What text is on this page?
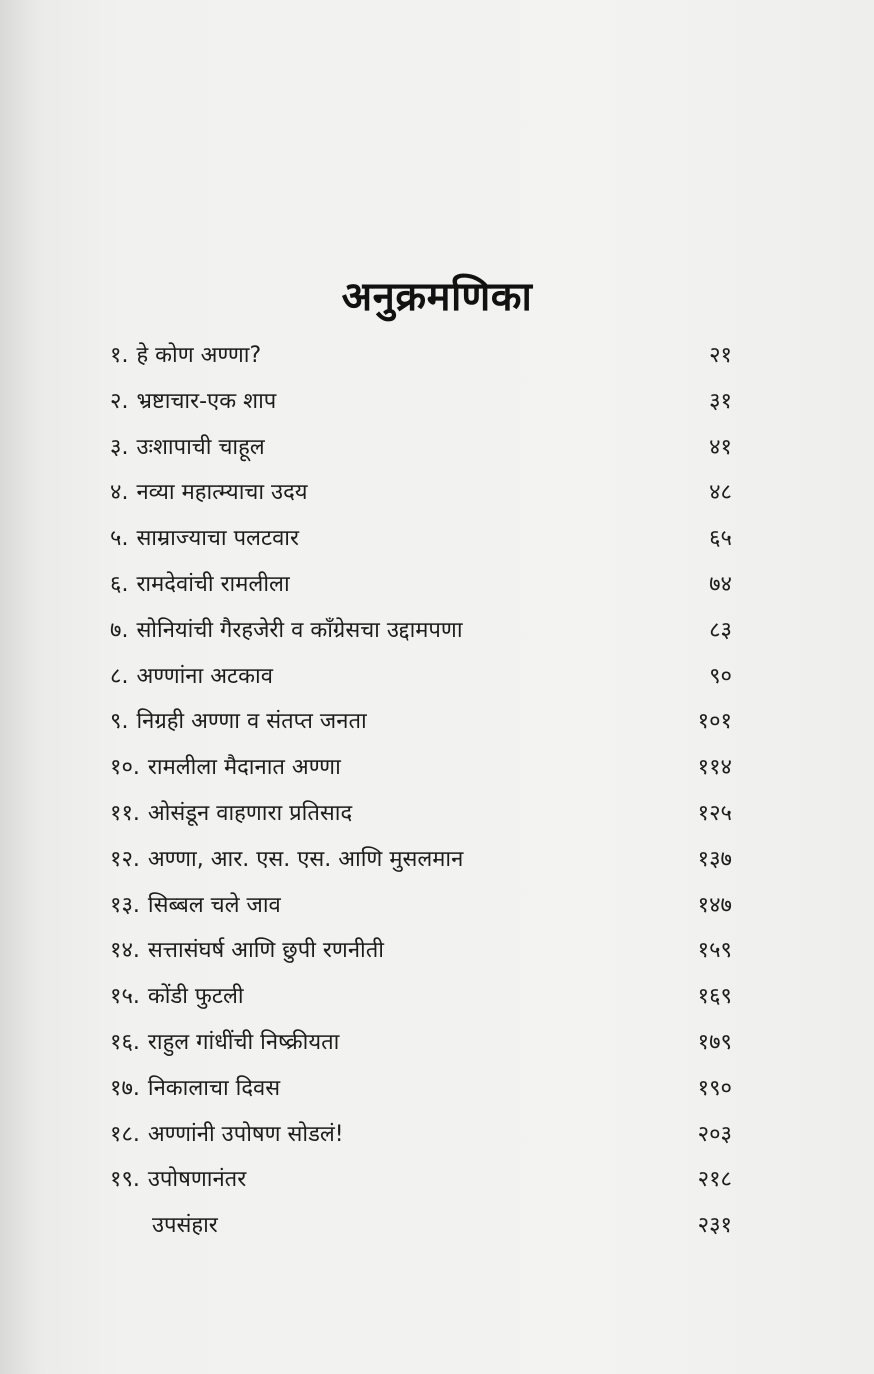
अनुक्रमणिका
१. हे कोण अण्णा?	२१
२. भ्रष्टाचार-एक शाप	३१
३. उःशापाची चाहूल	४१
४. नव्या महात्म्याचा उदय	४८
५. साम्राज्याचा पलटवार	६५
६. रामदेवांची रामलीला	७४
७. सोनियांची गैरहजेरी व काँग्रेसचा उद्दामपणा	८३
८. अण्णांना अटकाव	९०
९. निग्रही अण्णा व संतप्त जनता	१०१
१०. रामलीला मैदानात अण्णा	११४
११. ओसंडून वाहणारा प्रतिसाद	१२५
१२. अण्णा, आर. एस. एस. आणि मुसलमान	१३७
१३. सिब्बल चले जाव	१४७
१४. सत्तासंघर्ष आणि छुपी रणनीती	१५९
१५. कोंडी फुटली	१६९
१६. राहुल गांधींची निष्क्रीयता	१७९
१७. निकालाचा दिवस	१९०
१८. अण्णांनी उपोषण सोडलं!	२०३
१९. उपोषणानंतर	२१८
उपसंहार	२३१
